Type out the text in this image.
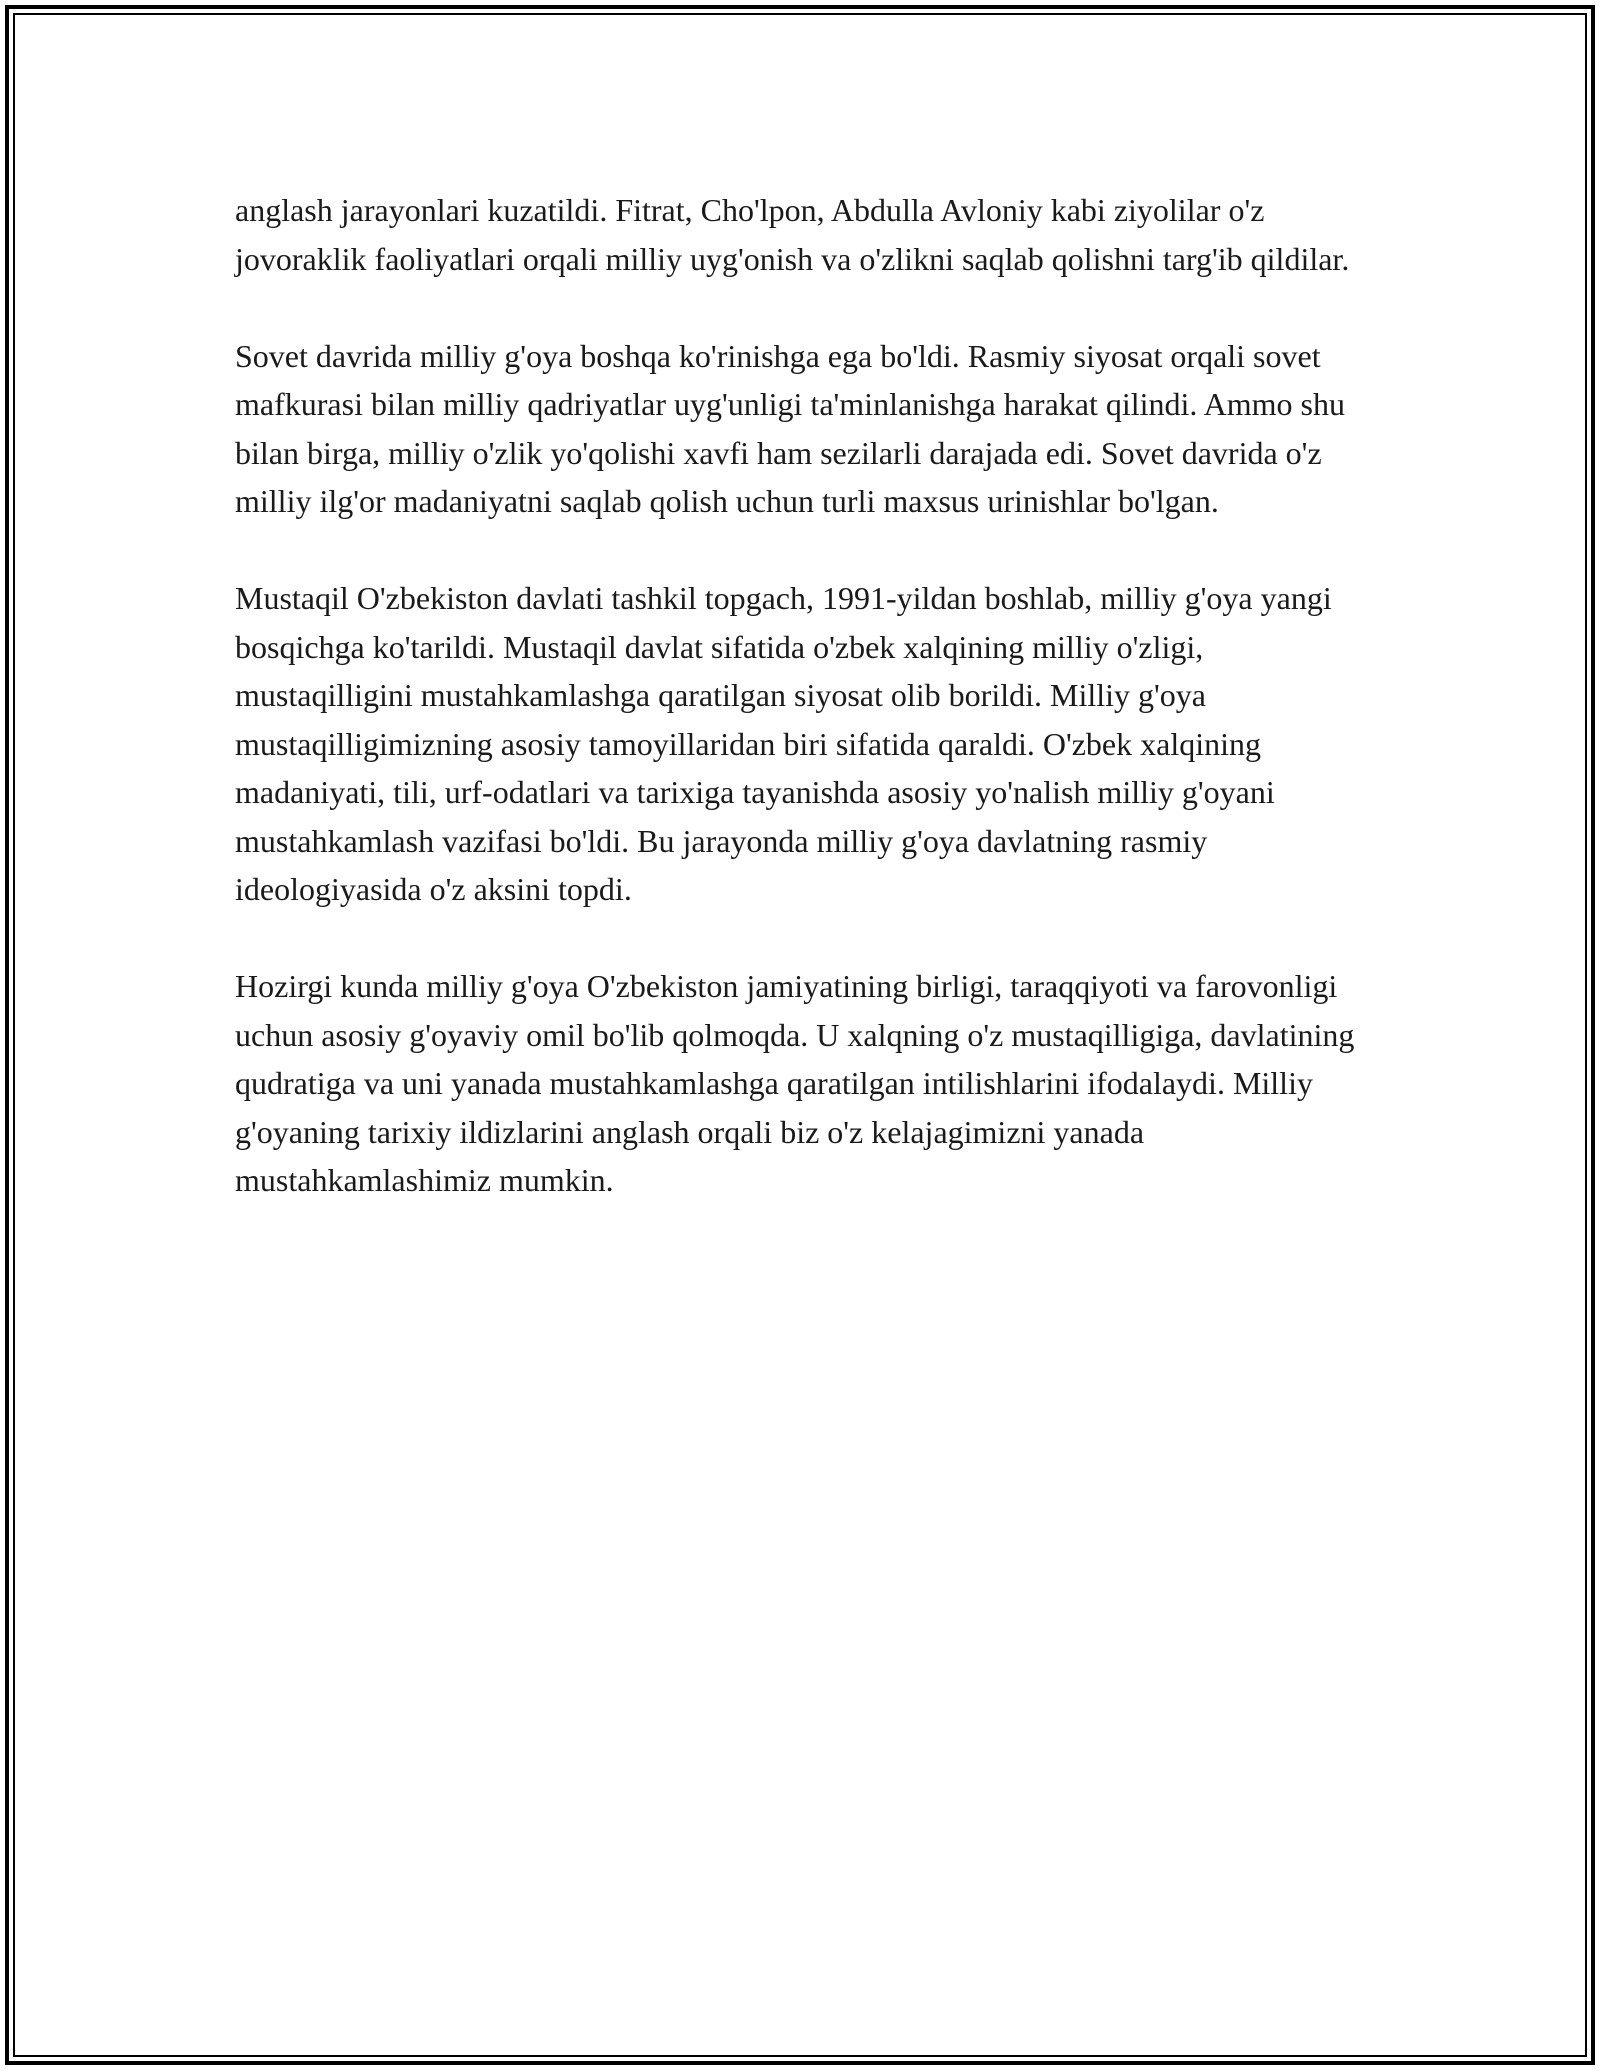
anglash jarayonlari kuzatildi. Fitrat, Cho'lpon, Abdulla Avloniy kabi ziyolilar o'z jovoraklik faoliyatlari orqali milliy uyg'onish va o'zlikni saqlab qolishni targ'ib qildilar.

Sovet davrida milliy g'oya boshqa ko'rinishga ega bo'ldi. Rasmiy siyosat orqali sovet mafkurasi bilan milliy qadriyatlar uyg'unligi ta'minlanishga harakat qilindi. Ammo shu bilan birga, milliy o'zlik yo'qolishi xavfi ham sezilarli darajada edi. Sovet davrida o'z milliy ilg'or madaniyatni saqlab qolish uchun turli maxsus urinishlar bo'lgan.

Mustaqil O'zbekiston davlati tashkil topgach, 1991-yildan boshlab, milliy g'oya yangi bosqichga ko'tarildi. Mustaqil davlat sifatida o'zbek xalqining milliy o'zligi, mustaqilligini mustahkamlashga qaratilgan siyosat olib borildi. Milliy g'oya mustaqilligimizning asosiy tamoyillaridan biri sifatida qaraldi. O'zbek xalqining madaniyati, tili, urf-odatlari va tarixiga tayanishda asosiy yo'nalish milliy g'oyani mustahkamlash vazifasi bo'ldi. Bu jarayonda milliy g'oya davlatning rasmiy ideologiyasida o'z aksini topdi.

Hozirgi kunda milliy g'oya O'zbekiston jamiyatining birligi, taraqqiyoti va farovonligi uchun asosiy g'oyaviy omil bo'lib qolmoqda. U xalqning o'z mustaqilligiga, davlatining qudratiga va uni yanada mustahkamlashga qaratilgan intilishlarini ifodalaydi. Milliy g'oyaning tarixiy ildizlarini anglash orqali biz o'z kelajagimizni yanada mustahkamlashimiz mumkin.
